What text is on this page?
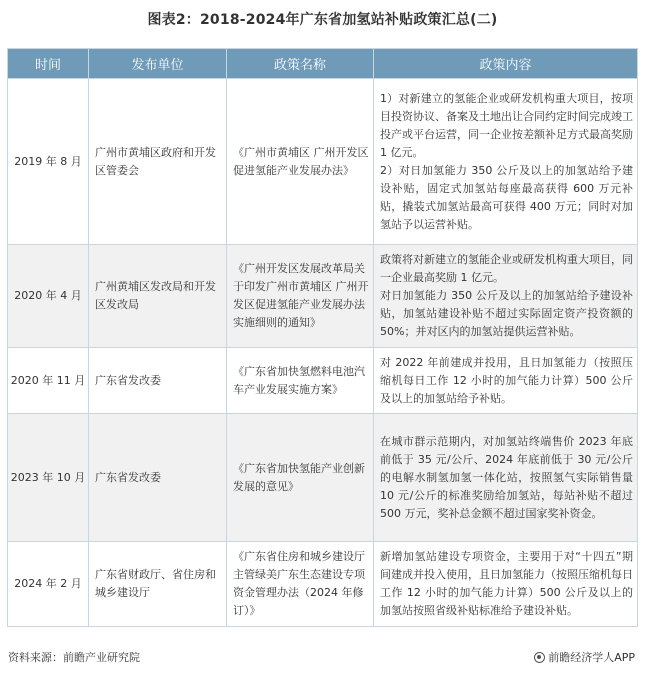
图表2：2018-2024年广东省加氢站补贴政策汇总(二)
时间	发布单位	政策名称	政策内容
2019 年 8 月	广州市黄埔区政府和开发区管委会	《广州市黄埔区 广州开发区促进氢能产业发展办法》	1）对新建立的氢能企业或研发机构重大项目，按项目投资协议、备案及土地出让合同约定时间完成竣工投产或平台运营，同一企业按差额补足方式最高奖励 1 亿元。

2）对日加氢能力 350 公斤及以上的加氢站给予建设补贴，固定式加氢站每座最高获得 600 万元补贴，撬装式加氢站最高可获得 400 万元；同时对加氢站予以运营补贴。

2020 年 4 月	广州黄埔区发改局和开发区发改局	《广州开发区发展改革局关于印发广州市黄埔区 广州开发区促进氢能产业发展办法实施细则的通知》	政策将对新建立的氢能企业或研发机构重大项目，同一企业最高奖励 1 亿元。

对日加氢能力 350 公斤及以上的加氢站给予建设补贴，加氢站建设补贴不超过实际固定资产投资额的 50%；并对区内的加氢站提供运营补贴。

2020 年 11 月	广东省发改委	《广东省加快氢燃料电池汽车产业发展实施方案》	对 2022 年前建成并投用，且日加氢能力（按照压缩机每日工作 12 小时的加气能力计算）500 公斤及以上的加氢站给予补贴。

2023 年 10 月	广东省发改委	《广东省加快氢能产业创新发展的意见》	在城市群示范期内，对加氢站终端售价 2023 年底前低于 35 元/公斤、2024 年底前低于 30 元/公斤的电解水制氢加氢一体化站，按照氢气实际销售量 10 元/公斤的标准奖励给加氢站，每站补贴不超过 500 万元，奖补总金额不超过国家奖补资金。

2024 年 2 月	广东省财政厅、省住房和城乡建设厅	《广东省住房和城乡建设厅主管绿美广东生态建设专项资金管理办法（2024 年修订）》	新增加氢站建设专项资金，主要用于对“十四五”期间建成并投入使用，且日加氢能力（按照压缩机每日工作 12 小时的加气能力计算）500 公斤及以上的加氢站按照省级补贴标准给予建设补贴。

资料来源：前瞻产业研究院	前瞻经济学人APP
